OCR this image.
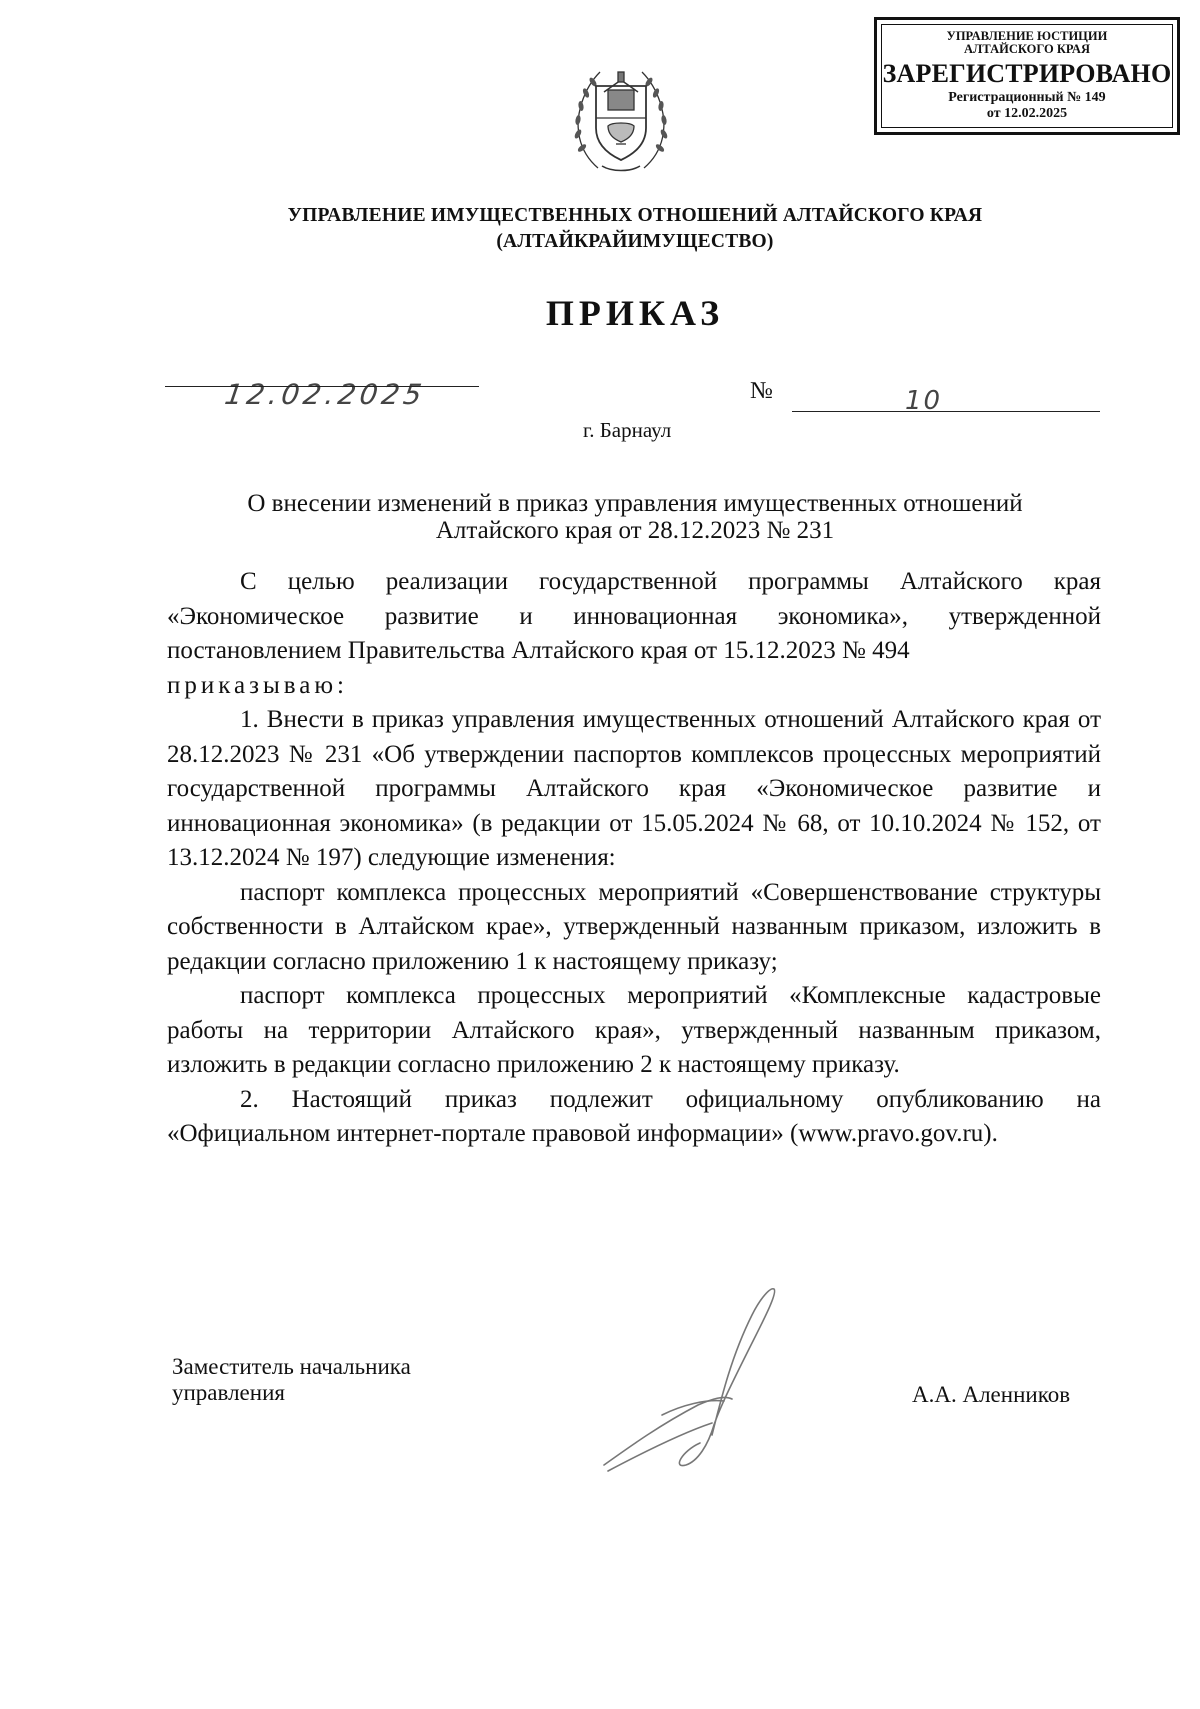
УПРАВЛЕНИЕ ЮСТИЦИИ
АЛТАЙСКОГО КРАЯ
ЗАРЕГИСТРИРОВАНО
Регистрационный № 149
от 12.02.2025
УПРАВЛЕНИЕ ИМУЩЕСТВЕННЫХ ОТНОШЕНИЙ АЛТАЙСКОГО КРАЯ
(АЛТАЙКРАЙИМУЩЕСТВО)
ПРИКАЗ
12.02.2025	№	10
г. Барнаул
О внесении изменений в приказ управления имущественных отношений
Алтайского края от 28.12.2023 № 231

С целью реализации государственной программы Алтайского края «Экономическое развитие и инновационная экономика», утвержденной постановлением Правительства Алтайского края от 15.12.2023 № 494

приказываю:

1. Внести в приказ управления имущественных отношений Алтайского края от 28.12.2023 № 231 «Об утверждении паспортов комплексов процессных мероприятий государственной программы Алтайского края «Экономическое развитие и инновационная экономика» (в редакции от 15.05.2024 № 68, от 10.10.2024 № 152, от 13.12.2024 № 197) следующие изменения:

паспорт комплекса процессных мероприятий «Совершенствование структуры собственности в Алтайском крае», утвержденный названным приказом, изложить в редакции согласно приложению 1 к настоящему приказу;

паспорт комплекса процессных мероприятий «Комплексные кадастровые работы на территории Алтайского края», утвержденный названным приказом, изложить в редакции согласно приложению 2 к настоящему приказу.

2. Настоящий приказ подлежит официальному опубликованию на «Официальном интернет-портале правовой информации» (www.pravo.gov.ru).

Заместитель начальника
управления	А.А. Аленников
